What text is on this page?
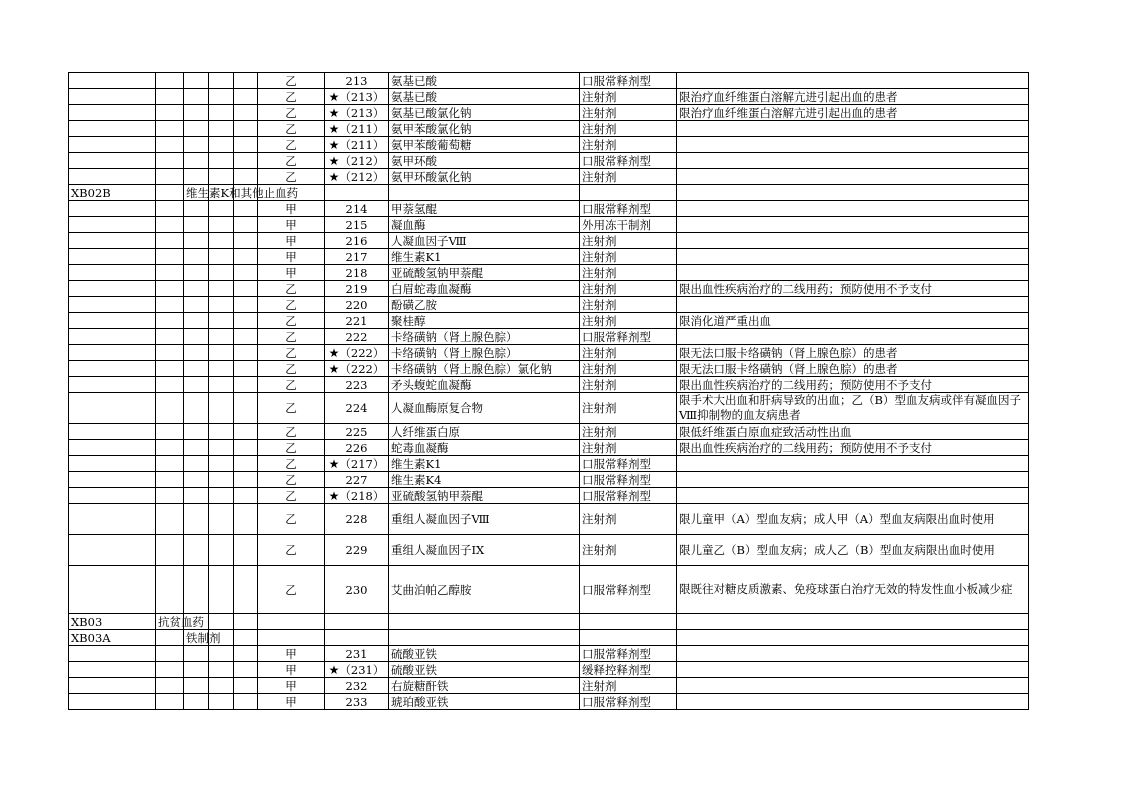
					乙	213	氨基已酸	口服常释剂型	
					乙	★（213）	氨基已酸	注射剂	限治疗血纤维蛋白溶解亢进引起出血的患者
					乙	★（213）	氨基已酸氯化钠	注射剂	限治疗血纤维蛋白溶解亢进引起出血的患者
					乙	★（211）	氨甲苯酸氯化钠	注射剂	
					乙	★（211）	氨甲苯酸葡萄糖	注射剂	
					乙	★（212）	氨甲环酸	口服常释剂型	
					乙	★（212）	氨甲环酸氯化钠	注射剂	
XB02B		维生素K和其他止血药							
					甲	214	甲萘氢醌	口服常释剂型	
					甲	215	凝血酶	外用冻干制剂	
					甲	216	人凝血因子Ⅷ	注射剂	
					甲	217	维生素K1	注射剂	
					甲	218	亚硫酸氢钠甲萘醌	注射剂	
					乙	219	白眉蛇毒血凝酶	注射剂	限出血性疾病治疗的二线用药；预防使用不予支付
					乙	220	酚磺乙胺	注射剂	
					乙	221	聚桂醇	注射剂	限消化道严重出血
					乙	222	卡络磺钠（肾上腺色腙）	口服常释剂型	
					乙	★（222）	卡络磺钠（肾上腺色腙）	注射剂	限无法口服卡络磺钠（肾上腺色腙）的患者
					乙	★（222）	卡络磺钠（肾上腺色腙）氯化钠	注射剂	限无法口服卡络磺钠（肾上腺色腙）的患者
					乙	223	矛头蝮蛇血凝酶	注射剂	限出血性疾病治疗的二线用药；预防使用不予支付
					乙	224	人凝血酶原复合物	注射剂	限手术大出血和肝病导致的出血；乙（B）型血友病或伴有凝血因子Ⅷ抑制物的血友病患者
					乙	225	人纤维蛋白原	注射剂	限低纤维蛋白原血症致活动性出血
					乙	226	蛇毒血凝酶	注射剂	限出血性疾病治疗的二线用药；预防使用不予支付
					乙	★（217）	维生素K1	口服常释剂型	
					乙	227	维生素K4	口服常释剂型	
					乙	★（218）	亚硫酸氢钠甲萘醌	口服常释剂型	
					乙	228	重组人凝血因子Ⅷ	注射剂	限儿童甲（A）型血友病；成人甲（A）型血友病限出血时使用
					乙	229	重组人凝血因子IX	注射剂	限儿童乙（B）型血友病；成人乙（B）型血友病限出血时使用
					乙	230	艾曲泊帕乙醇胺	口服常释剂型	限既往对糖皮质激素、免疫球蛋白治疗无效的特发性血小板减少症
XB03	抗贫血药								
XB03A		铁制剂							
					甲	231	硫酸亚铁	口服常释剂型	
					甲	★（231）	硫酸亚铁	缓释控释剂型	
					甲	232	右旋糖酐铁	注射剂	
					甲	233	琥珀酸亚铁	口服常释剂型	
